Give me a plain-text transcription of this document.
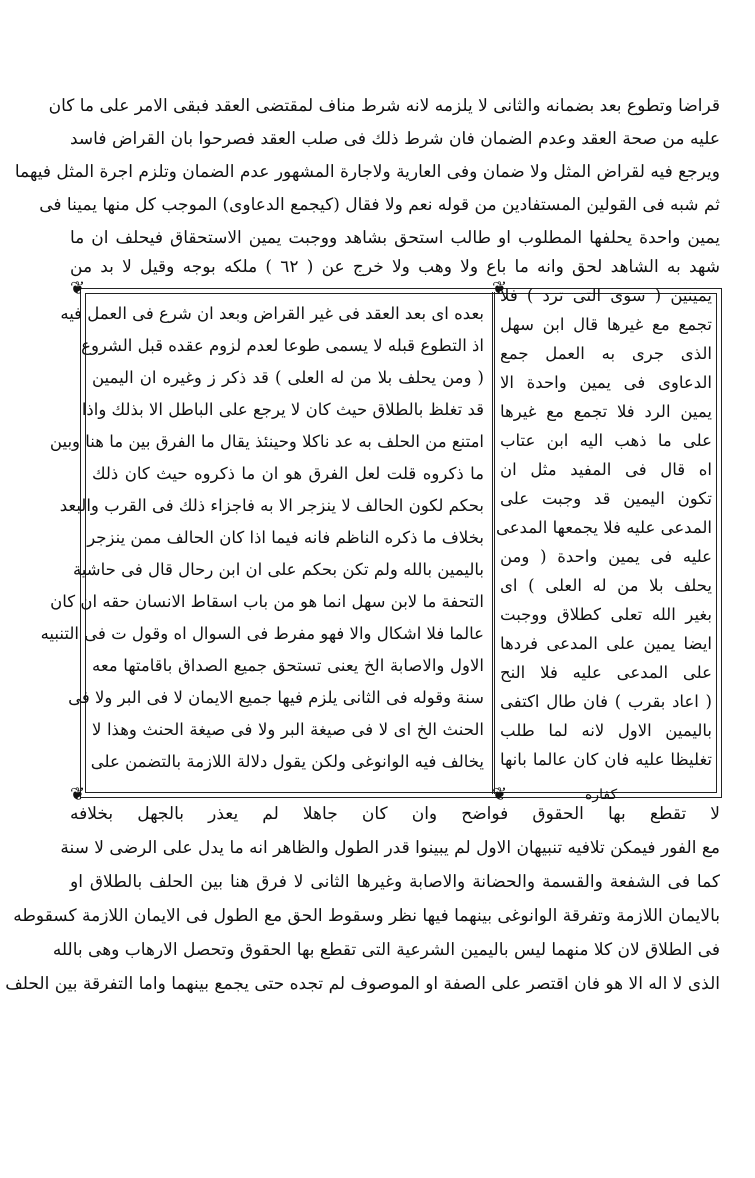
قراضا وتطوع بعد بضمانه والثانى لا يلزمه لانه شرط مناف لمقتضى العقد فبقى الامر على ما كان
عليه من صحة العقد وعدم الضمان فان شرط ذلك فى صلب العقد فصرحوا بان القراض فاسد
ويرجع فيه لقراض المثل ولا ضمان وفى العارية ولاجارة المشهور عدم الضمان وتلزم اجرة المثل فيهما
ثم شبه فى القولين المستفادين من قوله نعم ولا فقال (كيجمع الدعاوى) الموجب كل منها يمينا فى
يمين واحدة يحلفها المطلوب او طالب استحق بشاهد ووجبت يمين الاستحقاق فيحلف ان ما
شهد به الشاهد لحق وانه ما باع ولا وهب ولا خرج عن ( ٦٢ ) ملكه بوجه وقيل لا بد من
❦	❦
❦	❦
يمينين ( سوى التى ترد ) فلا
تجمع مع غيرها قال ابن سهل
الذى جرى به العمل جمع
الدعاوى فى يمين واحدة الا
يمين الرد فلا تجمع مع غيرها
على ما ذهب اليه ابن عتاب
اه قال فى المفيد مثل ان
تكون اليمين قد وجبت على
المدعى عليه فلا يجمعها المدعى
عليه فى يمين واحدة ( ومن
يحلف بلا من له العلى ) اى
بغير الله تعلى كطلاق ووجبت
ايضا يمين على المدعى فردها
على المدعى عليه فلا النح
( اعاد بقرب ) فان طال اكتفى
باليمين الاول لانه لما طلب
تغليظا عليه فان كان عالما بانها
بعده اى بعد العقد فى غير القراض وبعد ان شرع فى العمل فيه
اذ التطوع قبله لا يسمى طوعا لعدم لزوم عقده قبل الشروع
( ومن يحلف بلا من له العلى ) قد ذكر ز وغيره ان اليمين
قد تغلظ بالطلاق حيث كان لا يرجع على الباطل الا بذلك واذا
امتنع من الحلف به عد ناكلا وحينئذ يقال ما الفرق بين ما هنا وبين
ما ذكروه قلت لعل الفرق هو ان ما ذكروه حيث كان ذلك
بحكم لكون الحالف لا ينزجر الا به فاجزاء ذلك فى القرب والبعد
بخلاف ما ذكره الناظم فانه فيما اذا كان الحالف ممن ينزجر
باليمين بالله ولم تكن بحكم على ان ابن رحال قال فى حاشية
التحفة ما لابن سهل انما هو من باب اسقاط الانسان حقه ان كان
عالما فلا اشكال والا فهو مفرط فى السوال اه وقول ت فى التنبيه
الاول والاصابة الخ يعنى تستحق جميع الصداق باقامتها معه
سنة وقوله فى الثانى يلزم فيها جميع الايمان لا فى البر ولا فى
الحنث الخ اى لا فى صيغة البر ولا فى صيغة الحنث وهذا لا
يخالف فيه الوانوغى ولكن يقول دلالة اللازمة بالتضمن على
كفارة
لا تقطع بها الحقوق فواضح وان كان جاهلا لم يعذر بالجهل بخلافه
مع الفور فيمكن تلافيه تنبيهان الاول لم يبينوا قدر الطول والظاهر انه ما يدل على الرضى لا سنة
كما فى الشفعة والقسمة والحضانة والاصابة وغيرها الثانى لا فرق هنا بين الحلف بالطلاق او
بالايمان اللازمة وتفرقة الوانوغى بينهما فيها نظر وسقوط الحق مع الطول فى الايمان اللازمة كسقوطه
فى الطلاق لان كلا منهما ليس باليمين الشرعية التى تقطع بها الحقوق وتحصل الارهاب وهى بالله
الذى لا اله الا هو فان اقتصر على الصفة او الموصوف لم تجده حتى يجمع بينهما واما التفرقة بين الحلف
